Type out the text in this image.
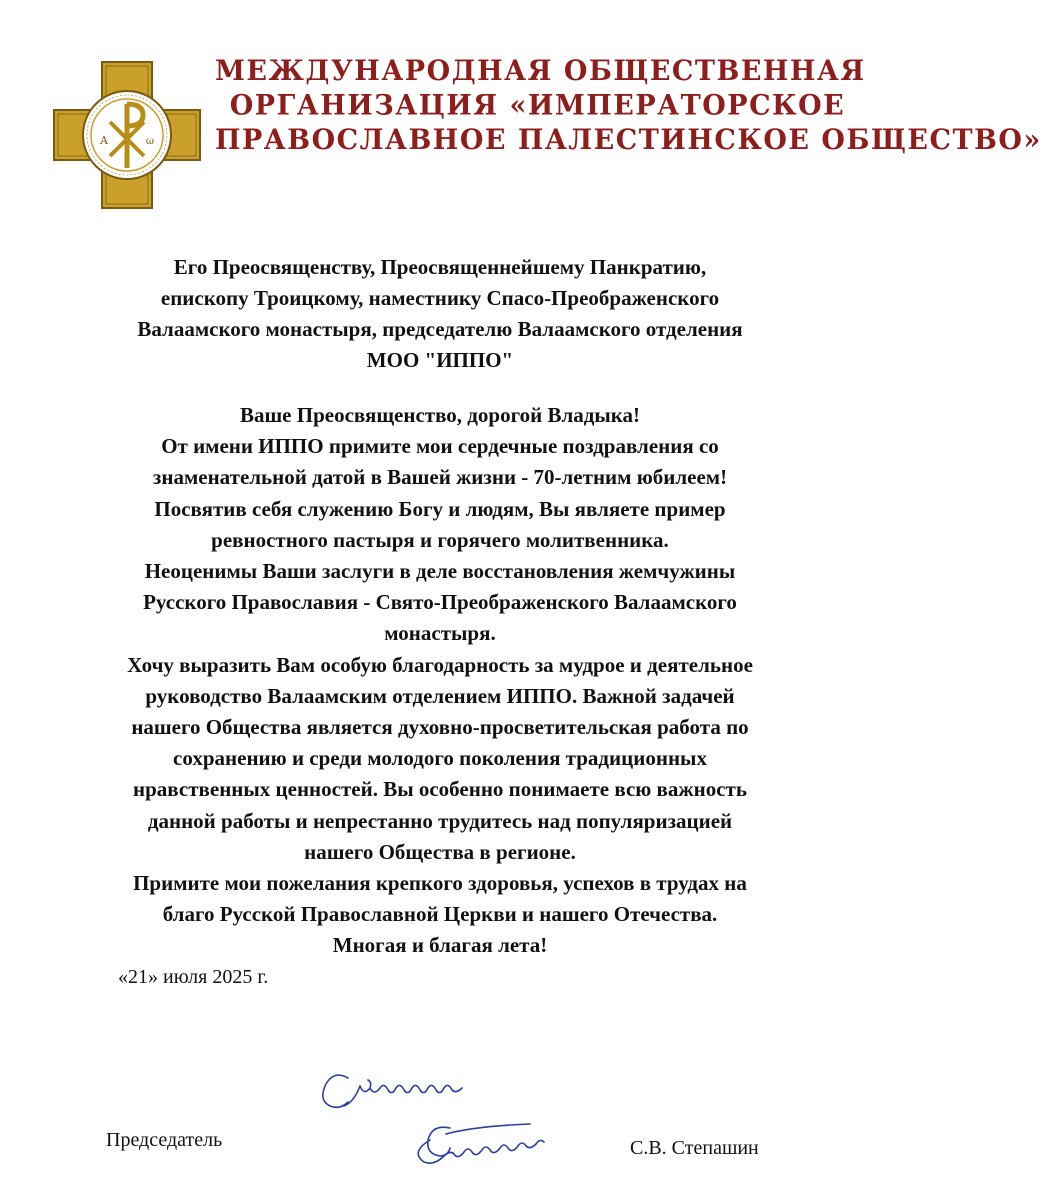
A	ω
МЕЖДУНАРОДНАЯ ОБЩЕСТВЕННАЯ
ОРГАНИЗАЦИЯ «ИМПЕРАТОРСКОЕ
ПРАВОСЛАВНОЕ ПАЛЕСТИНСКОЕ ОБЩЕСТВО»
Его Преосвященству, Преосвященнейшему Панкратию,
епископу Троицкому, наместнику Спасо-Преображенского
Валаамского монастыря, председателю Валаамского отделения
МОО "ИППО"
Ваше Преосвященство, дорогой Владыка!
От имени ИППО примите мои сердечные поздравления со
знаменательной датой в Вашей жизни - 70-летним юбилеем!
Посвятив себя служению Богу и людям, Вы являете пример
ревностного пастыря и горячего молитвенника.
Неоценимы Ваши заслуги в деле восстановления жемчужины
Русского Православия - Свято-Преображенского Валаамского
монастыря.
Хочу выразить Вам особую благодарность за мудрое и деятельное
руководство Валаамским отделением ИППО. Важной задачей
нашего Общества является духовно-просветительская работа по
сохранению и среди молодого поколения традиционных
нравственных ценностей. Вы особенно понимаете всю важность
данной работы и непрестанно трудитесь над популяризацией
нашего Общества в регионе.
Примите мои пожелания крепкого здоровья, успехов в трудах на
благо Русской Православной Церкви и нашего Отечества.
Многая и благая лета!
«21» июля 2025 г.
Председатель	С.В. Степашин
